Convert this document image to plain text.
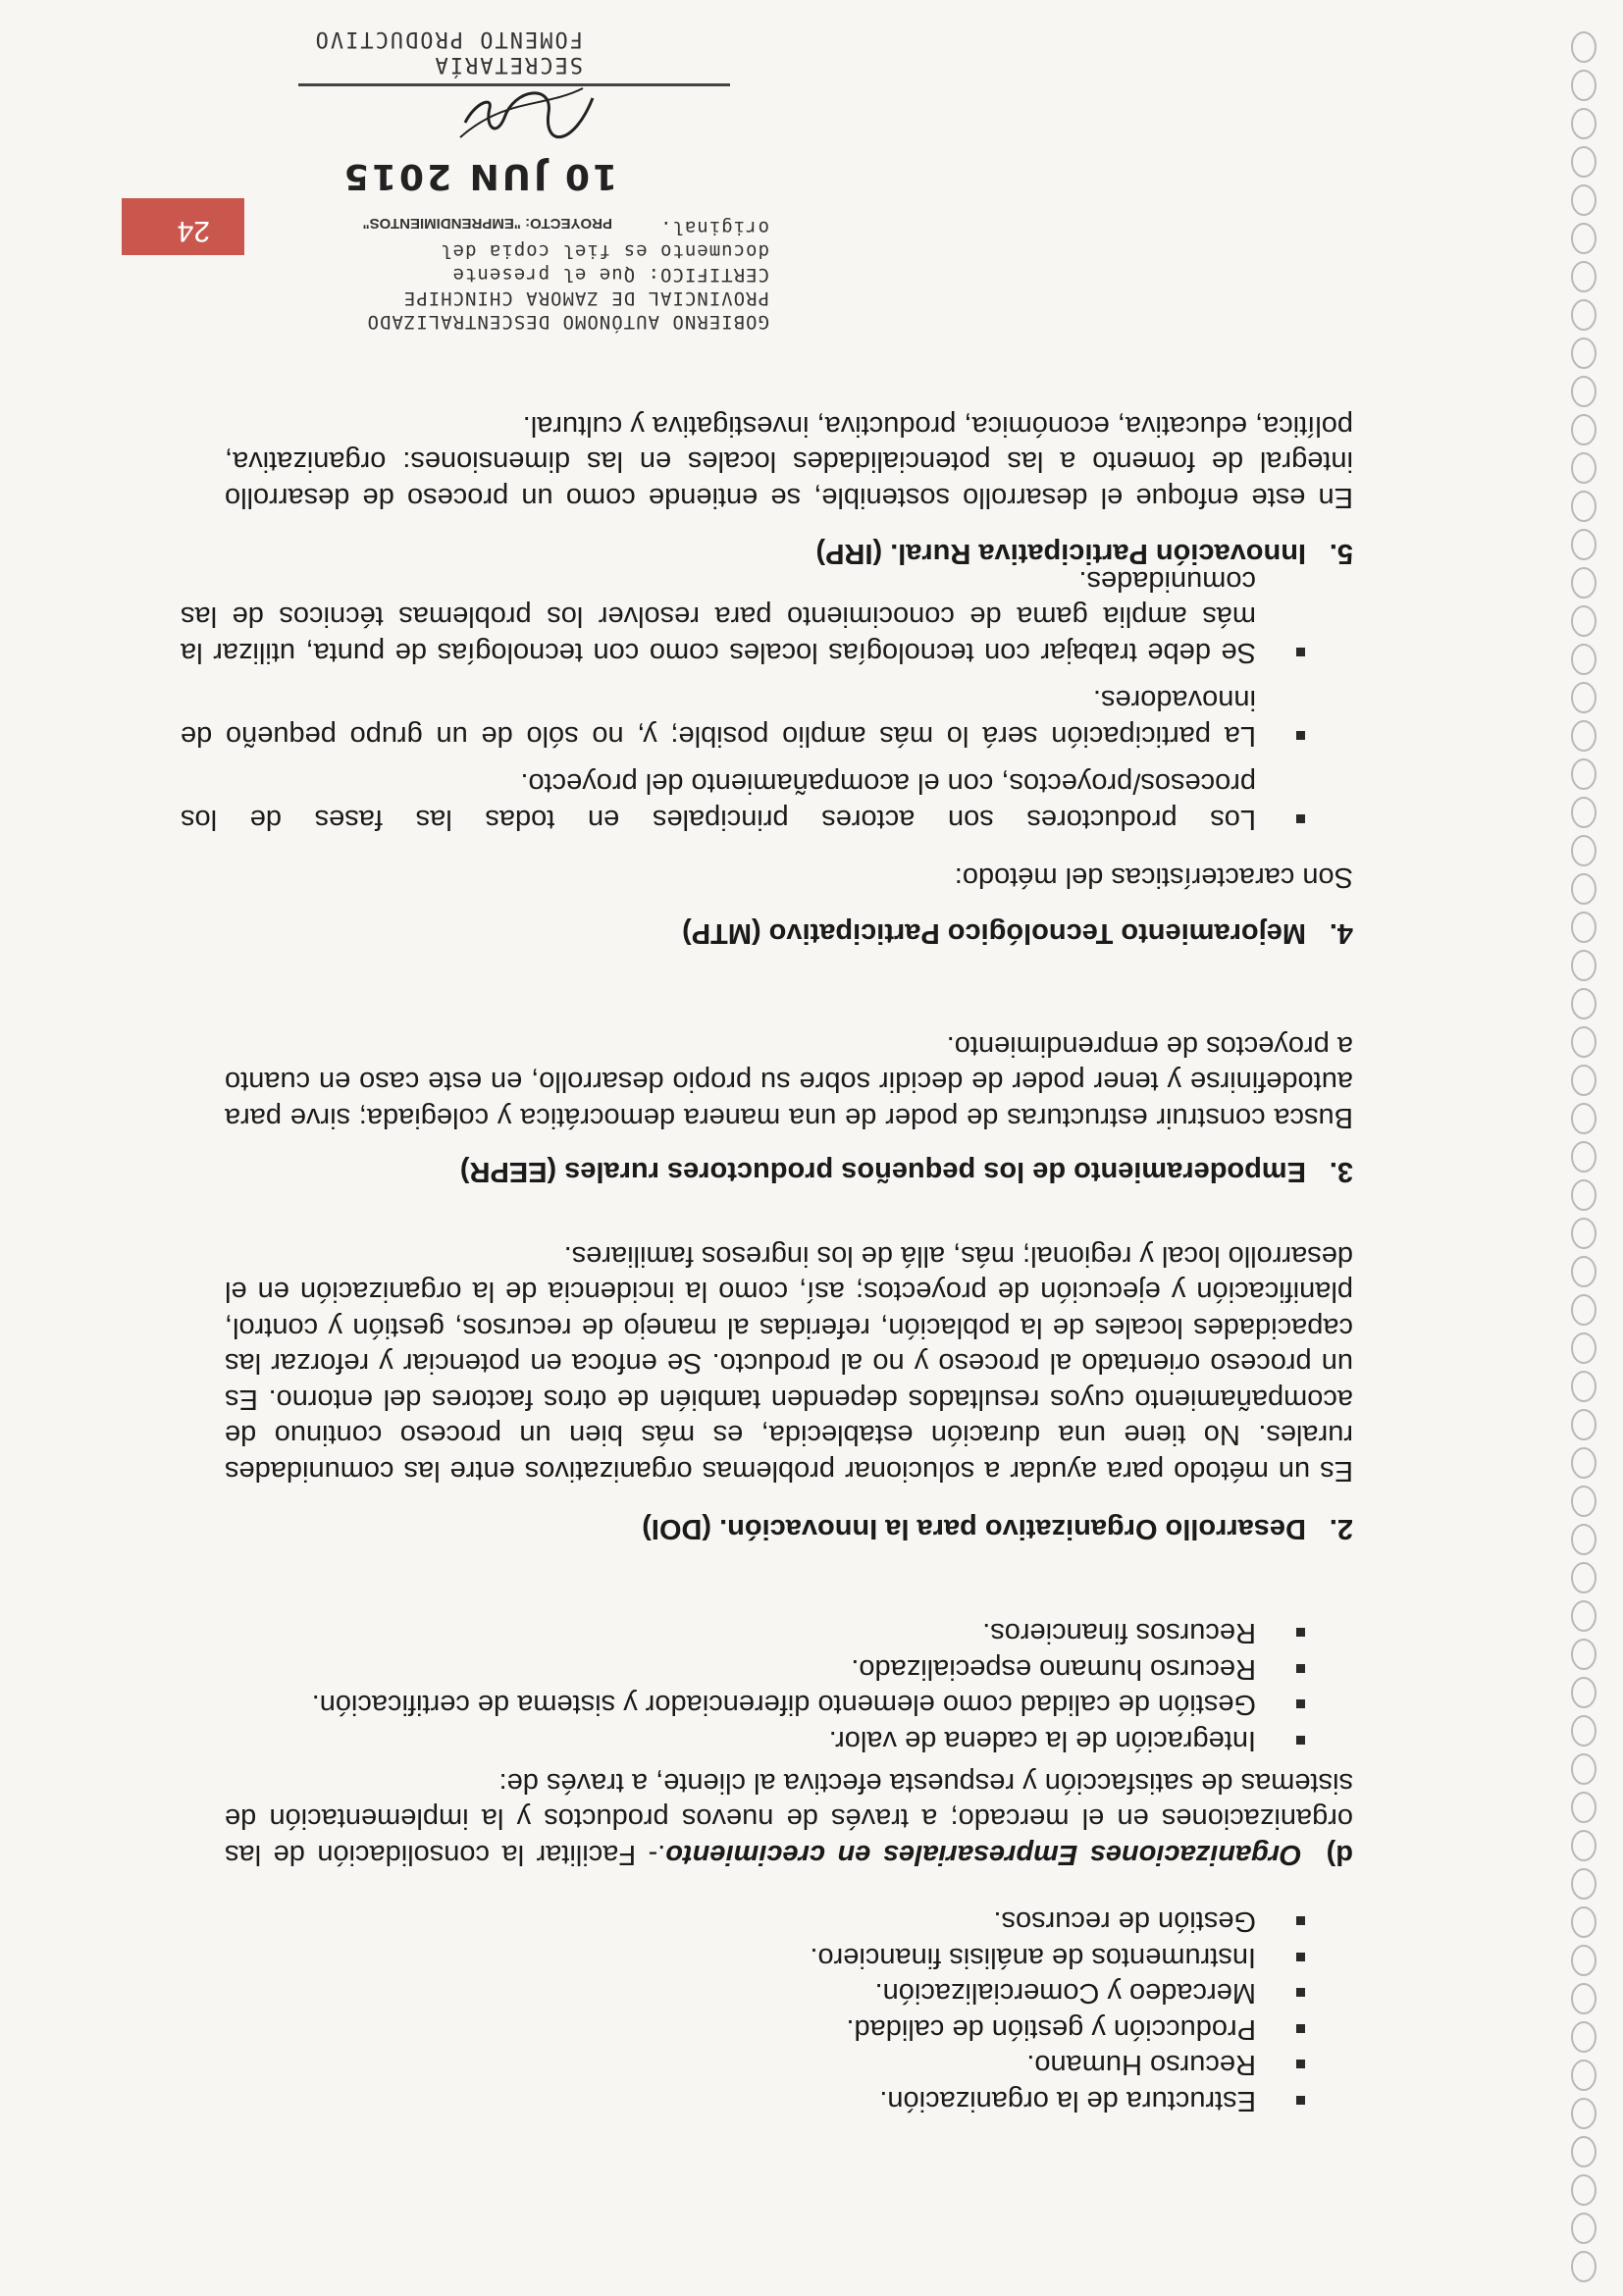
24
GOBIERNO AUTÓNOMO DESCENTRALIZADO
PROVINCIAL DE ZAMORA CHINCHIPE
CERTIFICO: Que el presente
documento es fiel copia del
original.
PROYECTO: "EMPRENDIMIENTOS"
10 JUN 2015
SECRETARÍA
FOMENTO PRODUCTIVO
5.Innovación Participativa Rural. (IRP)

En este enfoque el desarrollo sostenible, se entiende como un proceso de desarrollo integral de fomento a las potencialidades locales en las dimensiones: organizativa, política, educativa, económica, productiva, investigativa y cultural.

4.Mejoramiento Tecnológico Participativo (MTP)

Son características del método:

Los productores son actores principales en todas las fases de los procesos/proyectos, con el acompañamiento del proyecto.
La participación será lo más amplio posible; y, no sólo de un grupo pequeño de innovadores.
Se debe trabajar con tecnologías locales como con tecnologías de punta, utilizar la más amplia gama de conocimiento para resolver los problemas técnicos de las comunidades.
3.Empoderamiento de los pequeños productores rurales (EEPR)

Busca construir estructuras de poder de una manera democrática y colegiada; sirve para autodefinirse y tener poder de decidir sobre su propio desarrollo, en este caso en cuanto a proyectos de emprendimiento.

2.Desarrollo Organizativo para la Innovación. (DOI)

Es un método para ayudar a solucionar problemas organizativos entre las comunidades rurales. No tiene una duración establecida, es más bien un proceso continuo de acompañamiento cuyos resultados dependen también de otros factores del entorno. Es un proceso orientado al proceso y no al producto. Se enfoca en potenciar y reforzar las capacidades locales de la población, referidas al manejo de recursos, gestión y control, planificación y ejecución de proyectos; así, como la incidencia de la organización en el desarrollo local y regional; más, allá de los ingresos familiares.

d)  Organizaciones Empresariales en crecimiento.- Facilitar la consolidación de las organizaciones en el mercado; a través de nuevos productos y la implementación de sistemas de satisfacción y respuesta efectiva al cliente, a través de:

Integración de la cadena de valor.
Gestión de calidad como elemento diferenciador y sistema de certificación.
Recurso humano especializado.
Recursos financieros.
Estructura de la organización.
Recurso Humano.
Producción y gestión de calidad.
Mercadeo y Comercialización.
Instrumentos de análisis financiero.
Gestión de recursos.
